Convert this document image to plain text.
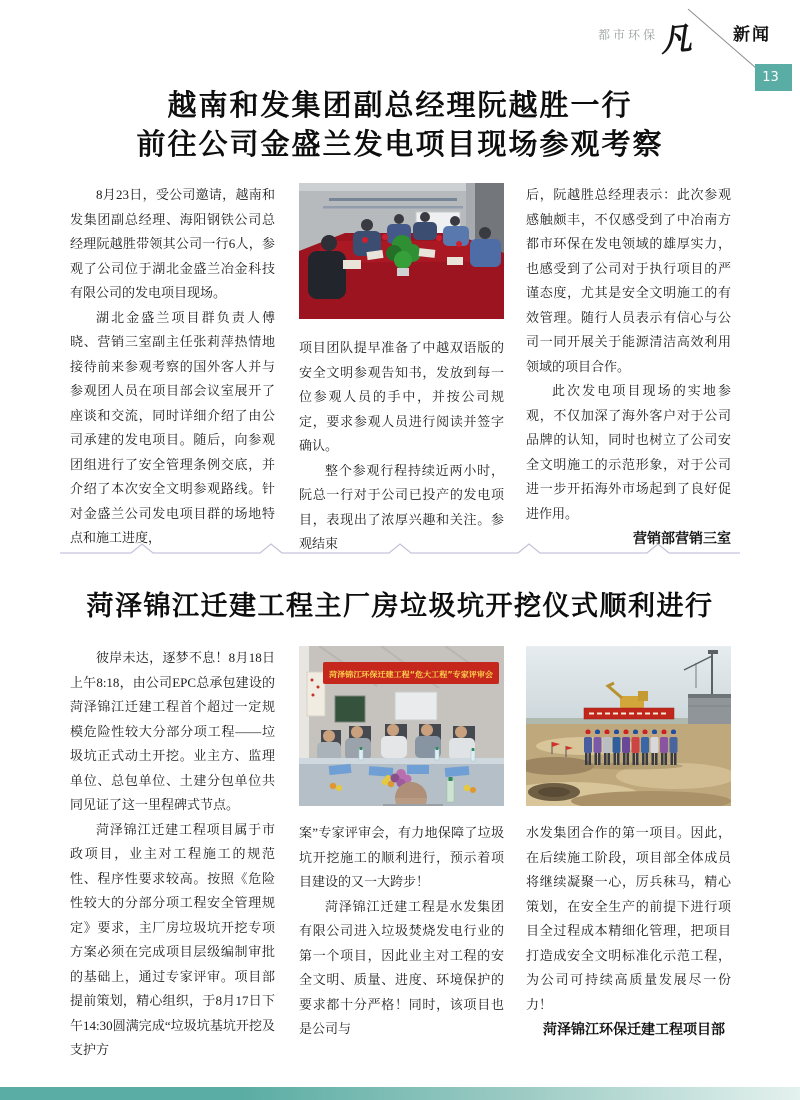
都市环保 凡 新闻
13
越南和发集团副总经理阮越胜一行
前往公司金盛兰发电项目现场参观考察

8月23日，受公司邀请，越南和发集团副总经理、海阳钢铁公司总经理阮越胜带领其公司一行6人，参观了公司位于湖北金盛兰冶金科技有限公司的发电项目现场。

湖北金盛兰项目群负责人傅晓、营销三室副主任张莉萍热情地接待前来参观考察的国外客人并与参观团人员在项目部会议室展开了座谈和交流，同时详细介绍了由公司承建的发电项目。随后，向参观团组进行了安全管理条例交底，并介绍了本次安全文明参观路线。针对金盛兰公司发电项目群的场地特点和施工进度，

项目团队提早准备了中越双语版的安全文明参观告知书，发放到每一位参观人员的手中，并按公司规定，要求参观人员进行阅读并签字确认。

整个参观行程持续近两小时，阮总一行对于公司已投产的发电项目，表现出了浓厚兴趣和关注。参观结束

后，阮越胜总经理表示：此次参观感触颇丰，不仅感受到了中冶南方都市环保在发电领域的雄厚实力，也感受到了公司对于执行项目的严谨态度，尤其是安全文明施工的有效管理。随行人员表示有信心与公司一同开展关于能源清洁高效利用领域的项目合作。

此次发电项目现场的实地参观，不仅加深了海外客户对于公司品牌的认知，同时也树立了公司安全文明施工的示范形象，对于公司进一步开拓海外市场起到了良好促进作用。

营销部营销三室

菏泽锦江迁建工程主厂房垃圾坑开挖仪式顺利进行

彼岸未达，逐梦不息！8月18日上午8:18，由公司EPC总承包建设的菏泽锦江迁建工程首个超过一定规模危险性较大分部分项工程——垃圾坑正式动土开挖。业主方、监理单位、总包单位、土建分包单位共同见证了这一里程碑式节点。

菏泽锦江迁建工程项目属于市政项目，业主对工程施工的规范性、程序性要求较高。按照《危险性较大的分部分项工程安全管理规定》要求，主厂房垃圾坑开挖专项方案必须在完成项目层级编制审批的基础上，通过专家评审。项目部提前策划，精心组织，于8月17日下午14:30圆满完成“垃圾坑基坑开挖及支护方

菏泽锦江环保迁建工程“危大工程”专家评审会

案”专家评审会，有力地保障了垃圾坑开挖施工的顺利进行，预示着项目建设的又一大跨步！

菏泽锦江迁建工程是水发集团有限公司进入垃圾焚烧发电行业的第一个项目，因此业主对工程的安全文明、质量、进度、环境保护的要求都十分严格！同时，该项目也是公司与

水发集团合作的第一项目。因此，在后续施工阶段，项目部全体成员将继续凝聚一心，厉兵秣马，精心策划，在安全生产的前提下进行项目全过程成本精细化管理，把项目打造成安全文明标准化示范工程，为公司可持续高质量发展尽一份力！

菏泽锦江环保迁建工程项目部
